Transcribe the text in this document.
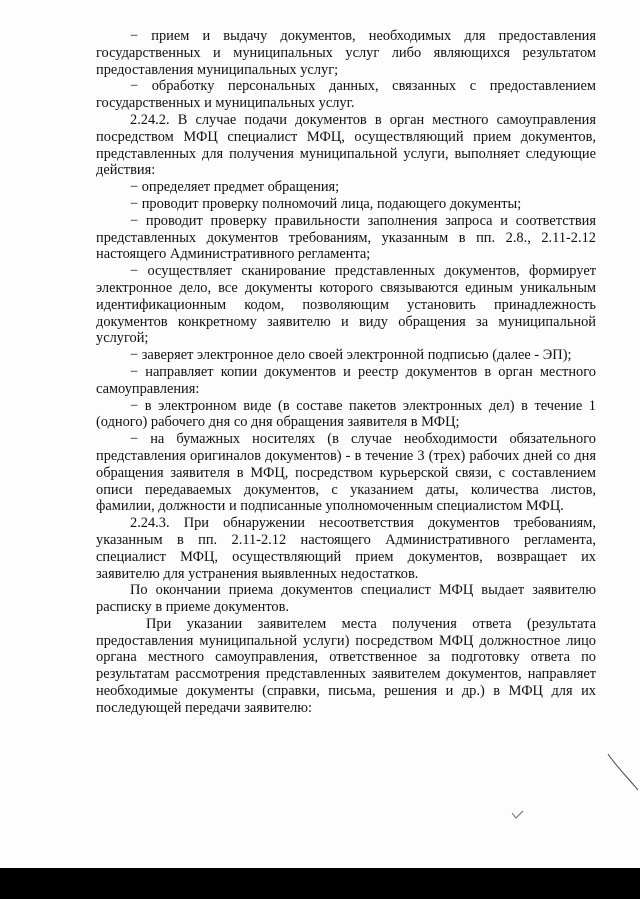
− прием и выдачу документов, необходимых для предоставления государственных и муниципальных услуг либо являющихся результатом предоставления муниципальных услуг;

− обработку персональных данных, связанных с предоставлением государственных и муниципальных услуг.

2.24.2. В случае подачи документов в орган местного самоуправления посредством МФЦ специалист МФЦ, осуществляющий прием документов, представленных для получения муниципальной услуги, выполняет следующие действия:

− определяет предмет обращения;

− проводит проверку полномочий лица, подающего документы;

− проводит проверку правильности заполнения запроса и соответствия представленных документов требованиям, указанным в пп. 2.8., 2.11-2.12 настоящего Административного регламента;

− осуществляет сканирование представленных документов, формирует электронное дело, все документы которого связываются единым уникальным идентификационным кодом, позволяющим установить принадлежность документов конкретному заявителю и виду обращения за муниципальной услугой;

− заверяет электронное дело своей электронной подписью (далее - ЭП);

− направляет копии документов и реестр документов в орган местного самоуправления:

− в электронном виде (в составе пакетов электронных дел) в течение 1 (одного) рабочего дня со дня обращения заявителя в МФЦ;

− на бумажных носителях (в случае необходимости обязательного представления оригиналов документов) - в течение 3 (трех) рабочих дней со дня обращения заявителя в МФЦ, посредством курьерской связи, с составлением описи передаваемых документов, с указанием даты, количества листов, фамилии, должности и подписанные уполномоченным специалистом МФЦ.

2.24.3. При обнаружении несоответствия документов требованиям, указанным в пп. 2.11-2.12 настоящего Административного регламента, специалист МФЦ, осуществляющий прием документов, возвращает их заявителю для устранения выявленных недостатков.

По окончании приема документов специалист МФЦ выдает заявителю расписку в приеме документов.

При указании заявителем места получения ответа (результата предоставления муниципальной услуги) посредством МФЦ должностное лицо органа местного самоуправления, ответственное за подготовку ответа по результатам рассмотрения представленных заявителем документов, направляет необходимые документы (справки, письма, решения и др.) в МФЦ для их последующей передачи заявителю:
